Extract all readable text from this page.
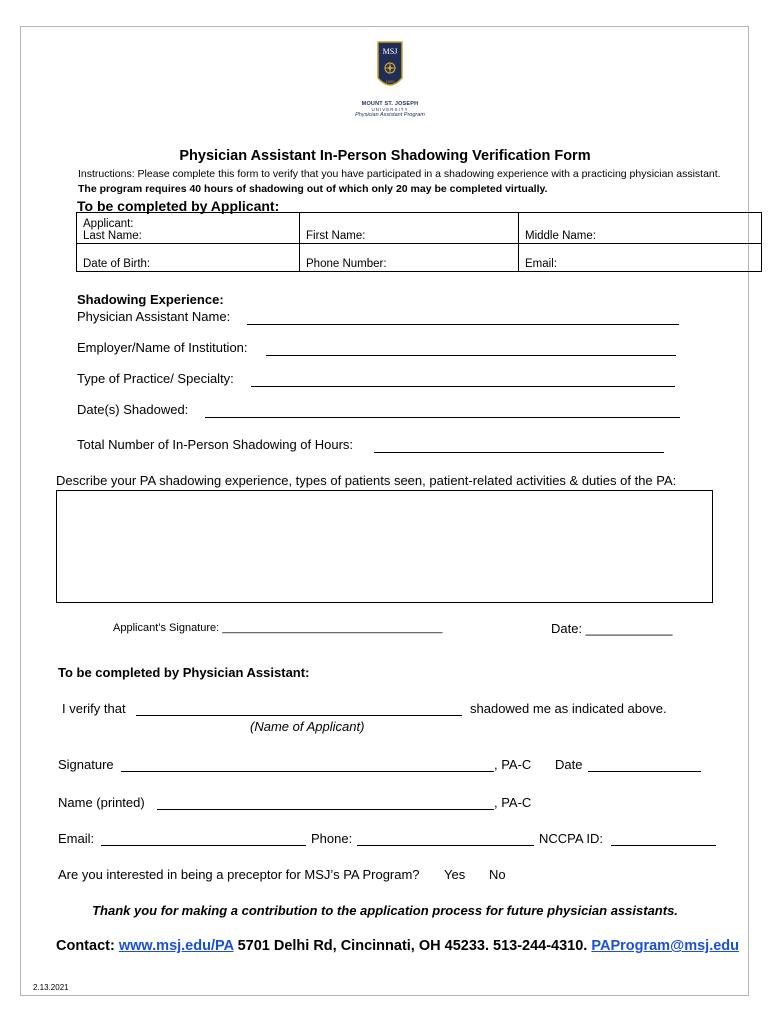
MSJ
1920
MOUNT ST. JOSEPH
UNIVERSITY
Physician Assistant Program
Physician Assistant In-Person Shadowing Verification Form
Instructions: Please complete this form to verify that you have participated in a shadowing experience with a practicing physician assistant. The program requires 40 hours of shadowing out of which only 20 may be completed virtually.
To be completed by Applicant:
Applicant:
Last Name:	First Name:	Middle Name:
Date of Birth:	Phone Number:	Email:
Shadowing Experience:
Physician Assistant Name:
Employer/Name of Institution:
Type of Practice/ Specialty:
Date(s) Shadowed:
Total Number of In-Person Shadowing of Hours:
Describe your PA shadowing experience, types of patients seen, patient-related activities & duties of the PA:
Applicant’s Signature: ____________________________________	Date: ____________
To be completed by Physician Assistant:
I verify that	shadowed me as indicated above.
(Name of Applicant)
Signature	, PA-C Date
Name (printed)	, PA-C
Email:	Phone:	NCCPA ID:
Are you interested in being a preceptor for MSJ’s PA Program? Yes No
Thank you for making a contribution to the application process for future physician assistants.
Contact: www.msj.edu/PA 5701 Delhi Rd, Cincinnati, OH 45233. 513-244-4310. PAProgram@msj.edu
2.13.2021
